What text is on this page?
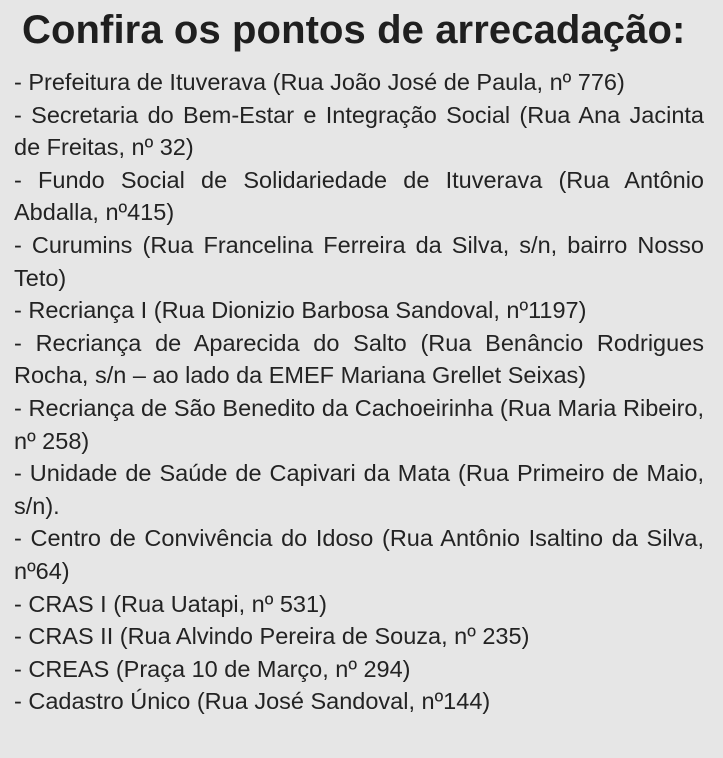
Confira os pontos de arrecadação:

- Prefeitura de Ituverava (Rua João José de Paula, nº 776)

- Secretaria do Bem-Estar e Integração Social (Rua Ana Jacinta de Freitas, nº 32)

- Fundo Social de Solidariedade de Ituverava (Rua Antônio Abdalla, nº415)

- Curumins (Rua Francelina Ferreira da Silva, s/n, bairro Nosso Teto)

- Recriança I (Rua Dionizio Barbosa Sandoval, nº1197)

- Recriança de Aparecida do Salto (Rua Benâncio Rodrigues Rocha, s/n – ao lado da EMEF Mariana Grellet Seixas)

- Recriança de São Benedito da Cachoeirinha (Rua Maria Ribeiro, nº 258)

- Unidade de Saúde de Capivari da Mata (Rua Primeiro de Maio, s/n).

- Centro de Convivência do Idoso (Rua Antônio Isaltino da Silva, nº64)

- CRAS I (Rua Uatapi, nº 531)

- CRAS II (Rua Alvindo Pereira de Souza, nº 235)

- CREAS (Praça 10 de Março, nº 294)

- Cadastro Único (Rua José Sandoval, nº144)
